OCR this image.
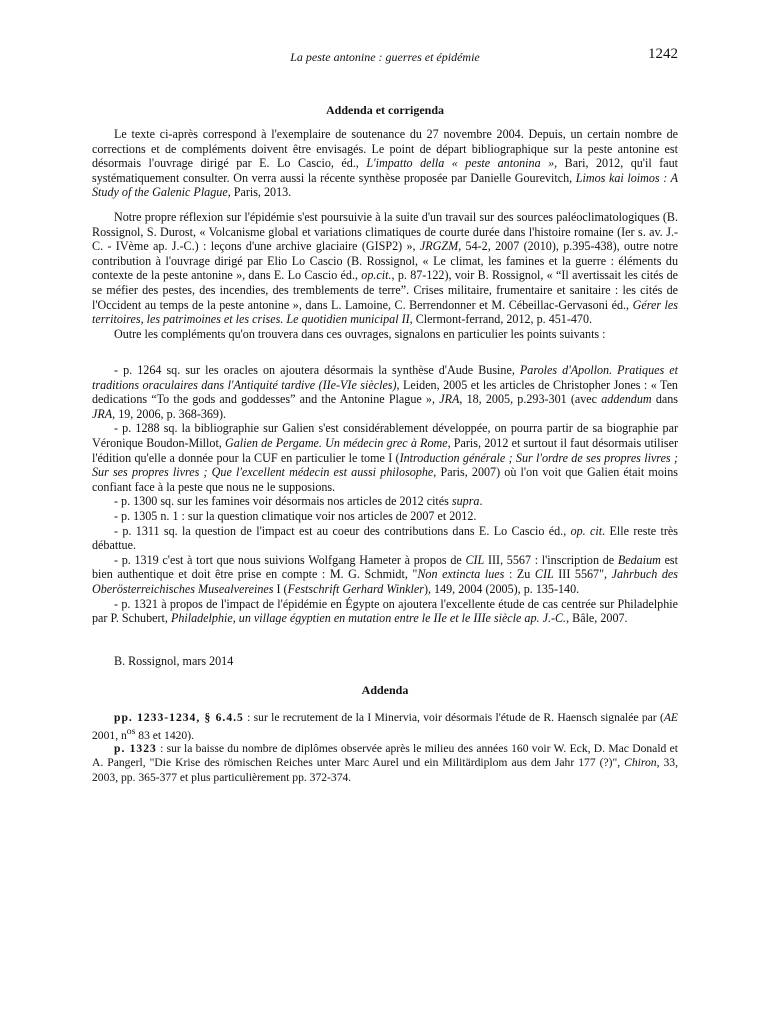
La peste antonine : guerres et épidémie	1242
Addenda et corrigenda

Le texte ci-après correspond à l'exemplaire de soutenance du 27 novembre 2004. Depuis, un certain nombre de corrections et de compléments doivent être envisagés. Le point de départ bibliographique sur la peste antonine est désormais l'ouvrage dirigé par E. Lo Cascio, éd., L'impatto della « peste antonina », Bari, 2012, qu'il faut systématiquement consulter. On verra aussi la récente synthèse proposée par Danielle Gourevitch, Limos kai loimos : A Study of the Galenic Plague, Paris, 2013.

Notre propre réflexion sur l'épidémie s'est poursuivie à la suite d'un travail sur des sources paléoclimatologiques (B. Rossignol, S. Durost, « Volcanisme global et variations climatiques de courte durée dans l'histoire romaine (Ier s. av. J.-C. - IVème ap. J.-C.) : leçons d'une archive glaciaire (GISP2) », JRGZM, 54-2, 2007 (2010), p.395-438), outre notre contribution à l'ouvrage dirigé par Elio Lo Cascio (B. Rossignol, « Le climat, les famines et la guerre : éléments du contexte de la peste antonine », dans E. Lo Cascio éd., op.cit., p. 87-122), voir B. Rossignol, « “Il avertissait les cités de se méfier des pestes, des incendies, des tremblements de terre”. Crises militaire, frumentaire et sanitaire : les cités de l'Occident au temps de la peste antonine », dans L. Lamoine, C. Berrendonner et M. Cébeillac-Gervasoni éd., Gérer les territoires, les patrimoines et les crises. Le quotidien municipal II, Clermont-ferrand, 2012, p. 451-470.

Outre les compléments qu'on trouvera dans ces ouvrages, signalons en particulier les points suivants :

- p. 1264 sq. sur les oracles on ajoutera désormais la synthèse d'Aude Busine, Paroles d'Apollon. Pratiques et traditions oraculaires dans l'Antiquité tardive (IIe-VIe siècles), Leiden, 2005 et les articles de Christopher Jones : « Ten dedications “To the gods and goddesses” and the Antonine Plague », JRA, 18, 2005, p.293-301 (avec addendum dans JRA, 19, 2006, p. 368-369).

- p. 1288 sq. la bibliographie sur Galien s'est considérablement développée, on pourra partir de sa biographie par Véronique Boudon-Millot, Galien de Pergame. Un médecin grec à Rome, Paris, 2012 et surtout il faut désormais utiliser l'édition qu'elle a donnée pour la CUF en particulier le tome I (Introduction générale ; Sur l'ordre de ses propres livres ; Sur ses propres livres ; Que l'excellent médecin est aussi philosophe, Paris, 2007) où l'on voit que Galien était moins confiant face à la peste que nous ne le supposions.

- p. 1300 sq. sur les famines voir désormais nos articles de 2012 cités supra.

- p. 1305 n. 1 : sur la question climatique voir nos articles de 2007 et 2012.

- p. 1311 sq. la question de l'impact est au coeur des contributions dans E. Lo Cascio éd., op. cit. Elle reste très débattue.

- p. 1319 c'est à tort que nous suivions Wolfgang Hameter à propos de CIL III, 5567 : l'inscription de Bedaium est bien authentique et doit être prise en compte : M. G. Schmidt, "Non extincta lues : Zu CIL III 5567", Jahrbuch des Oberösterreichisches Musealvereines I (Festschrift Gerhard Winkler), 149, 2004 (2005), p. 135-140.

- p. 1321 à propos de l'impact de l'épidémie en Égypte on ajoutera l'excellente étude de cas centrée sur Philadelphie par P. Schubert, Philadelphie, un village égyptien en mutation entre le IIe et le IIIe siècle ap. J.-C., Bâle, 2007.

B. Rossignol, mars 2014
Addenda

pp. 1233-1234, § 6.4.5 : sur le recrutement de la I Minervia, voir désormais l'étude de R. Haensch signalée par (AE 2001, $n^{os}$ 83 et 1420).

p. 1323 : sur la baisse du nombre de diplômes observée après le milieu des années 160 voir W. Eck, D. Mac Donald et A. Pangerl, "Die Krise des römischen Reiches unter Marc Aurel und ein Militärdiplom aus dem Jahr 177 (?)", Chiron, 33, 2003, pp. 365-377 et plus particulièrement pp. 372-374.
